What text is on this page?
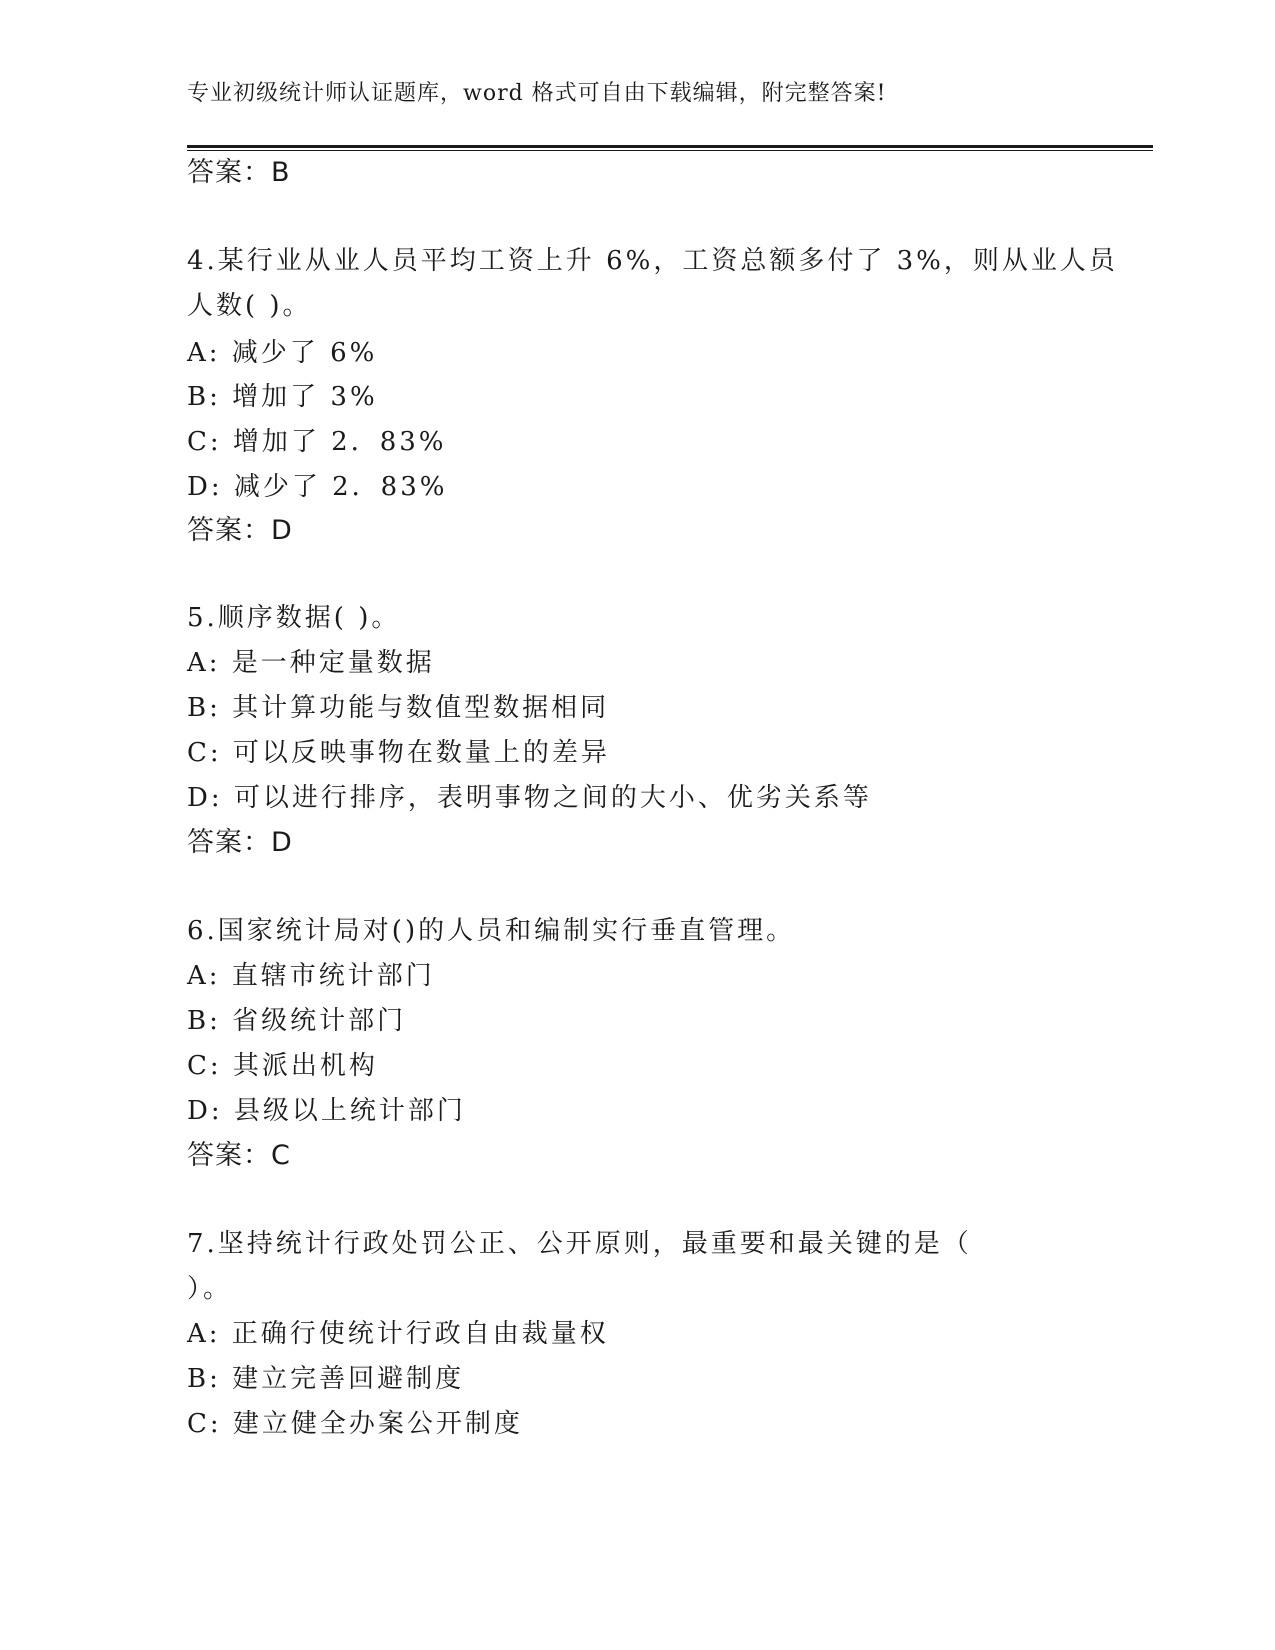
专业初级统计师认证题库，word 格式可自由下载编辑，附完整答案!
答案：B
4.某行业从业人员平均工资上升 6%，工资总额多付了 3%，则从业人员
人数( )。
A: 减少了 6%
B: 增加了 3%
C: 增加了 2．83%
D: 减少了 2．83%
答案：D
5.顺序数据( )。
A: 是一种定量数据
B: 其计算功能与数值型数据相同
C: 可以反映事物在数量上的差异
D: 可以进行排序，表明事物之间的大小、优劣关系等
答案：D
6.国家统计局对()的人员和编制实行垂直管理。
A: 直辖市统计部门
B: 省级统计部门
C: 其派出机构
D: 县级以上统计部门
答案：C
7.坚持统计行政处罚公正、公开原则，最重要和最关键的是（
）。
A: 正确行使统计行政自由裁量权
B: 建立完善回避制度
C: 建立健全办案公开制度
